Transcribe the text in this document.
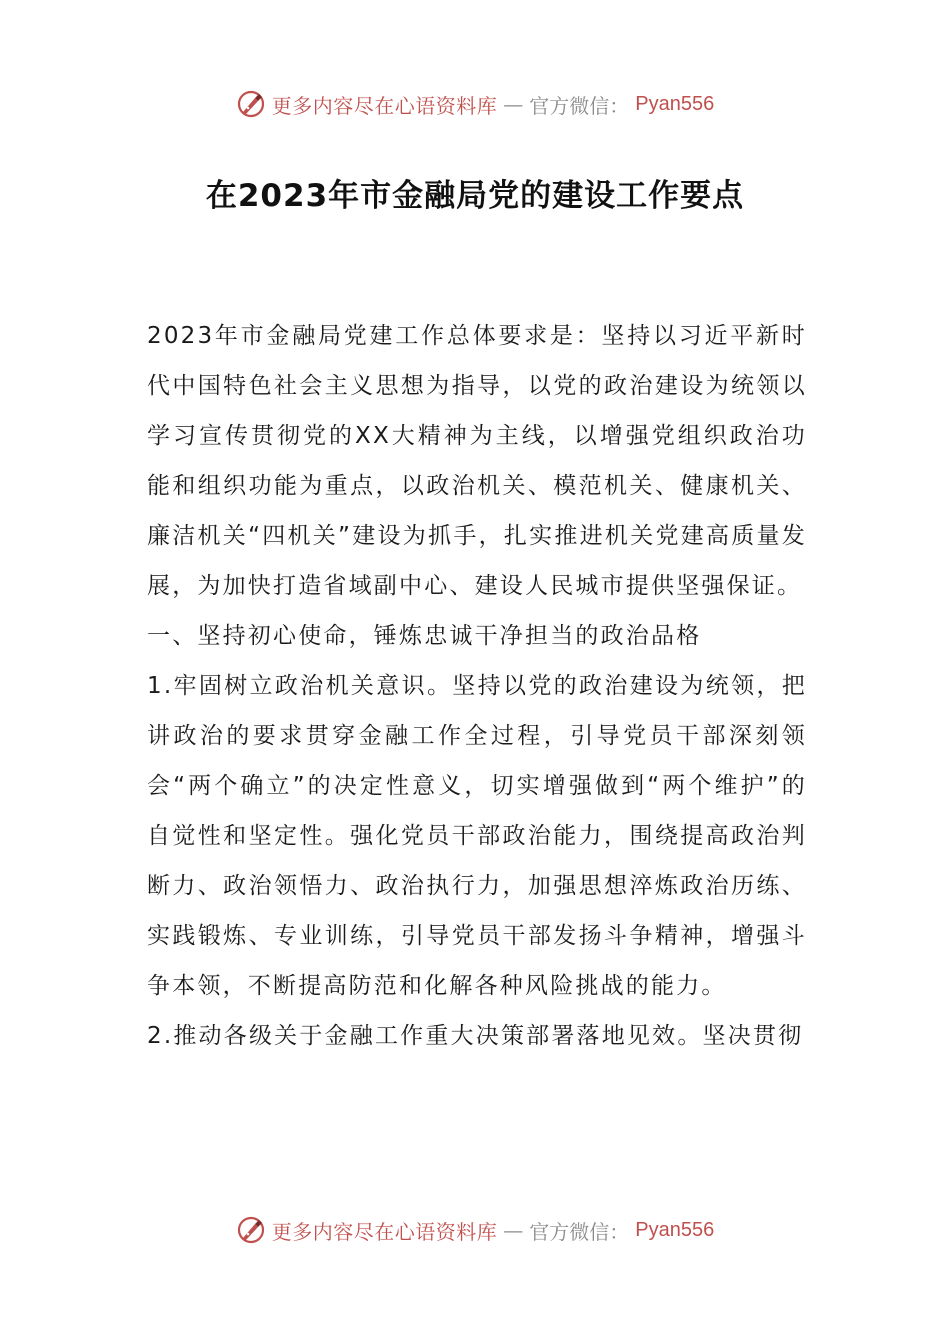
更多内容尽在心语资料库 — 官方微信： Pyan556
在2023年市金融局党的建设工作要点

2023年市金融局党建工作总体要求是：坚持以习近平新时代中国特色社会主义思想为指导，以党的政治建设为统领以学习宣传贯彻党的XX大精神为主线，以增强党组织政治功能和组织功能为重点，以政治机关、模范机关、健康机关、廉洁机关“四机关”建设为抓手，扎实推进机关党建高质量发展，为加快打造省域副中心、建设人民城市提供坚强保证。

一、坚持初心使命，锤炼忠诚干净担当的政治品格

1.牢固树立政治机关意识。坚持以党的政治建设为统领，把讲政治的要求贯穿金融工作全过程，引导党员干部深刻领会“两个确立”的决定性意义，切实增强做到“两个维护”的自觉性和坚定性。强化党员干部政治能力，围绕提高政治判断力、政治领悟力、政治执行力，加强思想淬炼政治历练、实践锻炼、专业训练，引导党员干部发扬斗争精神，增强斗争本领，不断提高防范和化解各种风险挑战的能力。

2.推动各级关于金融工作重大决策部署落地见效。坚决贯彻

更多内容尽在心语资料库 — 官方微信： Pyan556
